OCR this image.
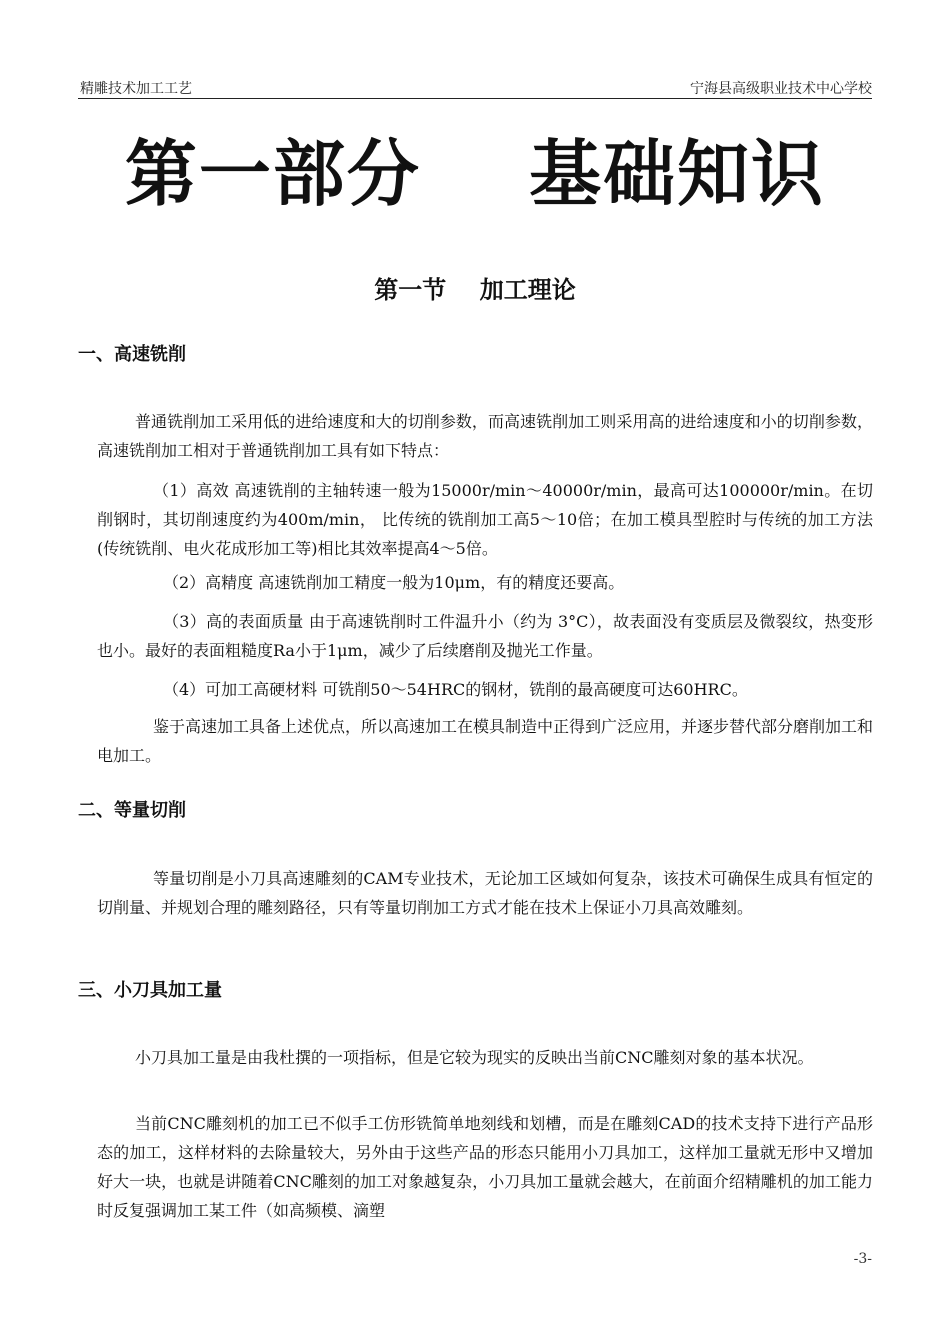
精雕技术加工工艺	宁海县高级职业技术中心学校
第一部分    基础知识
第一节    加工理论
一、高速铣削
普通铣削加工采用低的进给速度和大的切削参数，而高速铣削加工则采用高的进给速度和小的切削参数，高速铣削加工相对于普通铣削加工具有如下特点：
（1）高效 高速铣削的主轴转速一般为15000r/min～40000r/min，最高可达100000r/min。在切削钢时，其切削速度约为400m/min， 比传统的铣削加工高5～10倍；在加工模具型腔时与传统的加工方法(传统铣削、电火花成形加工等)相比其效率提高4～5倍。
（2）高精度 高速铣削加工精度一般为10μm，有的精度还要高。
（3）高的表面质量 由于高速铣削时工件温升小（约为 3°C），故表面没有变质层及微裂纹，热变形也小。最好的表面粗糙度Ra小于1μm，减少了后续磨削及抛光工作量。
（4）可加工高硬材料 可铣削50～54HRC的钢材，铣削的最高硬度可达60HRC。
鉴于高速加工具备上述优点，所以高速加工在模具制造中正得到广泛应用，并逐步替代部分磨削加工和电加工。
二、等量切削
等量切削是小刀具高速雕刻的CAM专业技术，无论加工区域如何复杂，该技术可确保生成具有恒定的切削量、并规划合理的雕刻路径，只有等量切削加工方式才能在技术上保证小刀具高效雕刻。
三、小刀具加工量
小刀具加工量是由我杜撰的一项指标，但是它较为现实的反映出当前CNC雕刻对象的基本状况。
当前CNC雕刻机的加工已不似手工仿形铣简单地刻线和划槽，而是在雕刻CAD的技术支持下进行产品形态的加工，这样材料的去除量较大，另外由于这些产品的形态只能用小刀具加工，这样加工量就无形中又增加好大一块，也就是讲随着CNC雕刻的加工对象越复杂，小刀具加工量就会越大，在前面介绍精雕机的加工能力时反复强调加工某工件（如高频模、滴塑
-3-
